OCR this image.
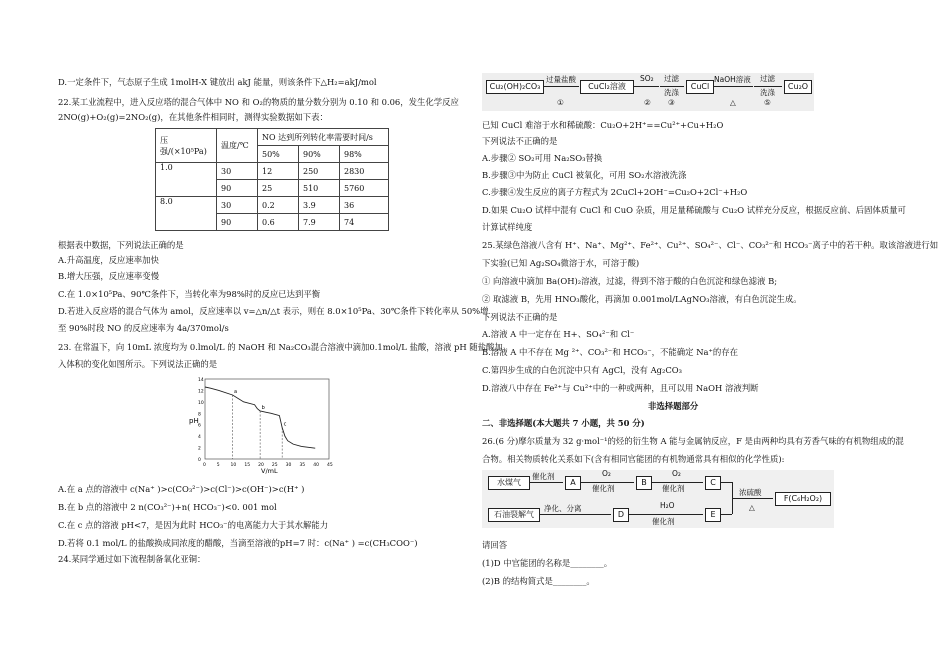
D.一定条件下，气态原子生成 1molH-X 键放出 akJ 能量，则该条件下△H₂=akJ/mol
22.某工业流程中，进入反应塔的混合气体中 NO 和 O₂的物质的量分数分别为 0.10 和 0.06，发生化学反应
2NO(g)+O₂(g)=2NO₂(g)，在其他条件相同时，测得实验数据如下表：
压强/(×10⁵Pa)	温度/℃	NO 达到所列转化率需要时间/s		
		50%	90%	98%
1.0	30	12	250	2830
	90	25	510	5760
8.0	30	0.2	3.9	36
	90	0.6	7.9	74
根据表中数据，下列说法正确的是
A.升高温度，反应速率加快
B.增大压强，反应速率变慢
C.在 1.0×10⁵Pa、90℃条件下，当转化率为98%时的反应已达到平衡
D.若进入反应塔的混合气体为 amol，反应速率以 v=△n/△t 表示，则在 8.0×10⁵Pa、30℃条件下转化率从 50%增
至 90%时段 NO 的反应速率为 4a/370mol/s
23. 在常温下，向 10mL 浓度均为 0.lmol/L 的 NaOH 和 Na₂CO₃混合溶液中滴加0.1mol/L 盐酸，溶液 pH 随盐酸加
入体积的变化如图所示。下列说法正确的是
0 5 10 15 20 25 30 35 40 45
0
2
4
6
8
10
12
14
a
b
c
pH
V/mL
A.在 a 点的溶液中 c(Na⁺ )>c(CO₃²⁻)>c(Cl⁻)>c(OH⁻)>c(H⁺ )
B.在 b 点的溶液中 2 n(CO₃²⁻)+n( HCO₃⁻)<0. 001 mol
C.在 c 点的溶液 pH<7，是因为此时 HCO₃⁻的电离能力大于其水解能力
D.若将 0.1 mol/L 的盐酸换成同浓度的醋酸，当滴至溶液的pH=7 时：c(Na⁺ ) =c(CH₃COO⁻)
24.某同学通过如下流程制备氧化亚铜：
Cu₂(OH)₂CO₃
过量盐酸
①
CuCl₂溶液
SO₂
②
过滤
洗涤
③
CuCl
NaOH溶液
△
过滤
洗涤
⑤
Cu₂O
已知 CuCl 难溶于水和稀硫酸：Cu₂O+2H⁺==Cu²⁺+Cu+H₂O
下列说法不正确的是
A.步骤② SO₂可用 Na₂SO₃替换
B.步骤③中为防止 CuCl 被氧化，可用 SO₂水溶液洗涤
C.步骤④发生反应的离子方程式为 2CuCl+2OH⁻=Cu₂O+2Cl⁻+H₂O
D.如果 Cu₂O 试样中混有 CuCl 和 CuO 杂质，用足量稀硫酸与 Cu₂O 试样充分反应，根据反应前、后固体质量可
计算试样纯度
25.某绿色溶液八含有 H⁺、Na⁺、Mg²⁺、Fe²⁺、Cu²⁺、SO₄²⁻、Cl⁻、CO₃²⁻和 HCO₃⁻离子中的若干种。取该溶液进行如
下实验(已知 Ag₂SO₄微溶于水，可溶于酸)
① 向溶液中滴加 Ba(OH)₂溶液，过滤，得到不溶于酸的白色沉淀和绿色滤液 B;
② 取滤液 B，先用 HNO₃酸化，再滴加 0.001mol/LAgNO₃溶液，有白色沉淀生成。
下列说法不正确的是
A.溶液 A 中一定存在 H+、SO₄²⁻和 Cl⁻
B.溶液 A 中不存在 Mg ²⁺、CO₃²⁻和 HCO₃⁻，不能确定 Na⁺的存在
C.第四步生成的白色沉淀中只有 AgCl，没有 Ag₂CO₃
D.溶液八中存在 Fe²⁺与 Cu²⁺中的一种或两种，且可以用 NaOH 溶液判断
非选择题部分
二、非选择题(本大题共 7 小题，共 50 分)
26.(6 分)摩尔质量为 32 g·mol⁻¹的烃的衍生物 A 能与金属钠反应，F 是由两种均具有芳香气味的有机物组成的混
合物。相关物质转化关系如下(含有相同官能团的有机物通常具有相似的化学性质):
水煤气
催化剂
A
O₂
催化剂
B
O₂
催化剂
C
浓硫酸
△
F(C₆H₂O₂)
石油裂解气
净化、分离
D
H₂O
催化剂
E
请回答
(1)D 中官能团的名称是________。
(2)B 的结构简式是________。
